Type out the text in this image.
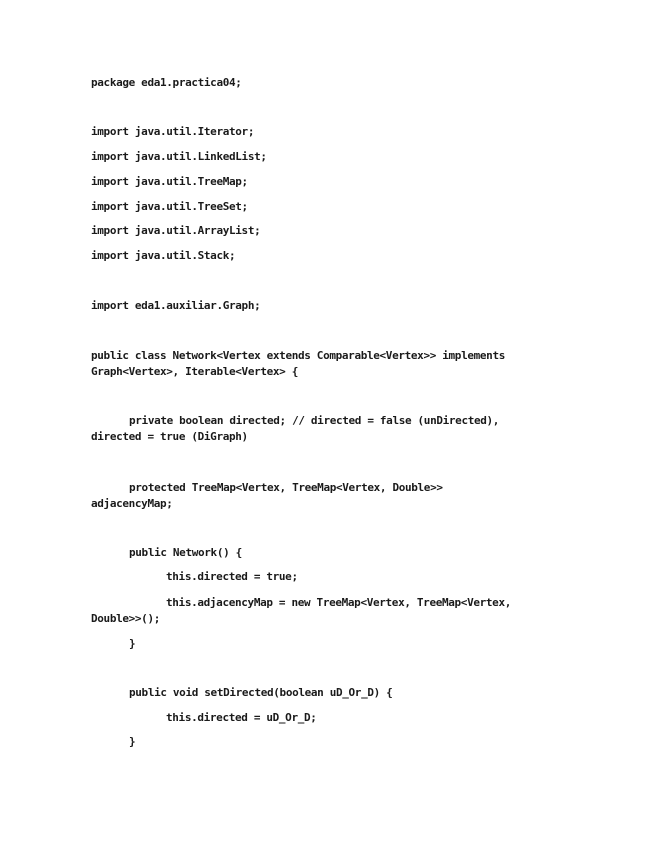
package eda1.practica04;

import java.util.Iterator;

import java.util.LinkedList;

import java.util.TreeMap;

import java.util.TreeSet;

import java.util.ArrayList;

import java.util.Stack;

import eda1.auxiliar.Graph;

public class Network<Vertex extends Comparable<Vertex>> implements

Graph<Vertex>, Iterable<Vertex> {

private boolean directed; // directed = false (unDirected),

directed = true (DiGraph)

protected TreeMap<Vertex, TreeMap<Vertex, Double>>

adjacencyMap;

public Network() {

this.directed = true;

this.adjacencyMap = new TreeMap<Vertex, TreeMap<Vertex,

Double>>();

}

public void setDirected(boolean uD_Or_D) {

this.directed = uD_Or_D;

}
